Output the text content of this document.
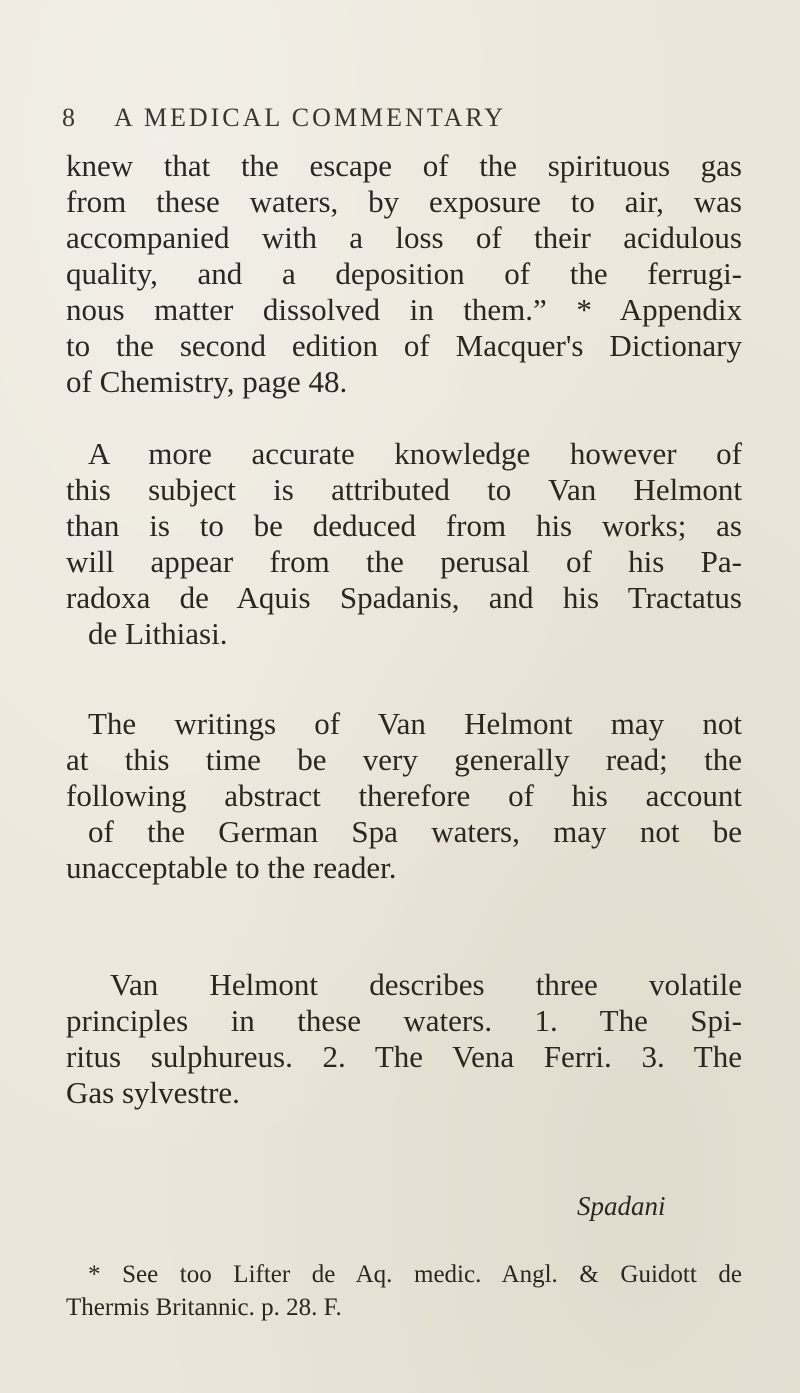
8 A MEDICAL COMMENTARY
knew that the escape of the spirituous gas
from these waters, by exposure to air, was
accompanied with a loss of their acidulous
quality, and a deposition of the ferrugi-
nous matter dissolved in them.” * Appendix
to the second edition of Macquer's Dictionary
of Chemistry, page 48.
A more accurate knowledge however of
this subject is attributed to Van Helmont
than is to be deduced from his works; as
will appear from the perusal of his Pa-
radoxa de Aquis Spadanis, and his Tractatus
de Lithiasi.
The writings of Van Helmont may not
at this time be very generally read; the
following abstract therefore of his account
of the German Spa waters, may not be
unacceptable to the reader.
Van Helmont describes three volatile
principles in these waters. 1. The Spi-
ritus sulphureus. 2. The Vena Ferri. 3. The
Gas sylvestre.
Spadani
* See too Lifter de Aq. medic. Angl. & Guidott de
Thermis Britannic. p. 28. F.
